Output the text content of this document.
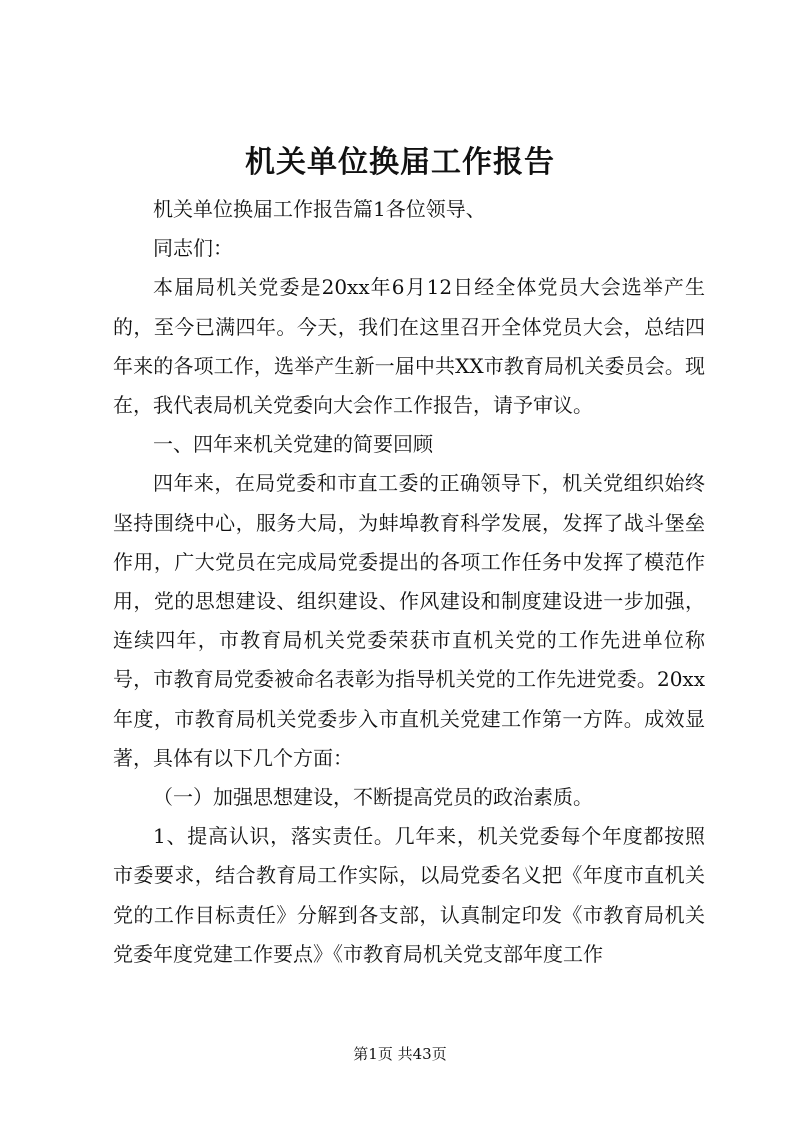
机关单位换届工作报告

机关单位换届工作报告篇1各位领导、

同志们：

本届局机关党委是20xx年6月12日经全体党员大会选举产生的，至今已满四年。今天，我们在这里召开全体党员大会，总结四年来的各项工作，选举产生新一届中共XX市教育局机关委员会。现在，我代表局机关党委向大会作工作报告，请予审议。

一、四年来机关党建的简要回顾

四年来，在局党委和市直工委的正确领导下，机关党组织始终坚持围绕中心，服务大局，为蚌埠教育科学发展，发挥了战斗堡垒作用，广大党员在完成局党委提出的各项工作任务中发挥了模范作用，党的思想建设、组织建设、作风建设和制度建设进一步加强，连续四年，市教育局机关党委荣获市直机关党的工作先进单位称号，市教育局党委被命名表彰为指导机关党的工作先进党委。20xx年度，市教育局机关党委步入市直机关党建工作第一方阵。成效显著，具体有以下几个方面：

（一）加强思想建设，不断提高党员的政治素质。

1、提高认识，落实责任。几年来，机关党委每个年度都按照市委要求，结合教育局工作实际，以局党委名义把《年度市直机关党的工作目标责任》分解到各支部，认真制定印发《市教育局机关党委年度党建工作要点》《市教育局机关党支部年度工作

第1页 共43页
